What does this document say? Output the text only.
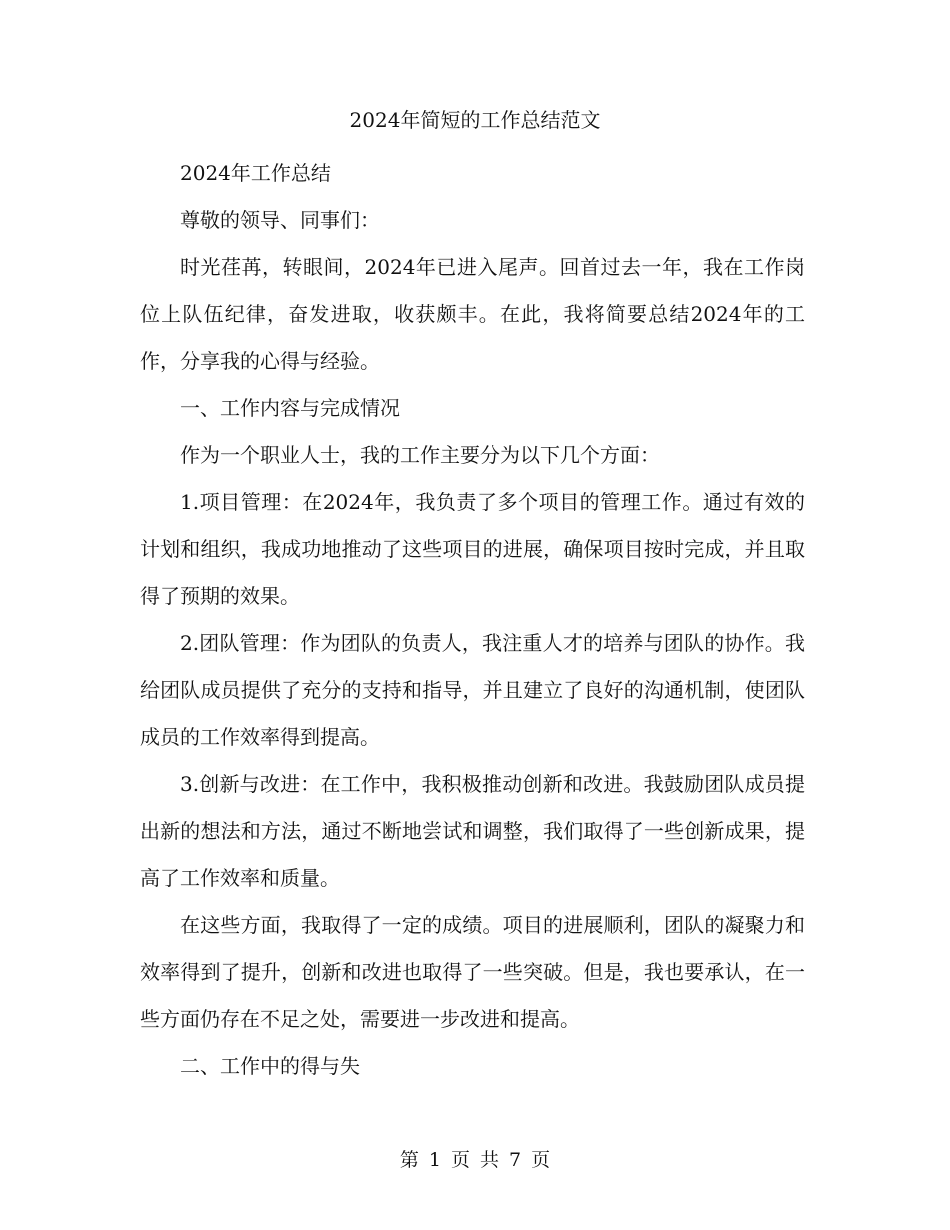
2024年简短的工作总结范文

2024年工作总结

尊敬的领导、同事们：

时光荏苒，转眼间，2024年已进入尾声。回首过去一年，我在工作岗位上队伍纪律，奋发进取，收获颇丰。在此，我将简要总结2024年的工作，分享我的心得与经验。

一、工作内容与完成情况

作为一个职业人士，我的工作主要分为以下几个方面：

1.项目管理：在2024年，我负责了多个项目的管理工作。通过有效的计划和组织，我成功地推动了这些项目的进展，确保项目按时完成，并且取得了预期的效果。

2.团队管理：作为团队的负责人，我注重人才的培养与团队的协作。我给团队成员提供了充分的支持和指导，并且建立了良好的沟通机制，使团队成员的工作效率得到提高。

3.创新与改进：在工作中，我积极推动创新和改进。我鼓励团队成员提出新的想法和方法，通过不断地尝试和调整，我们取得了一些创新成果，提高了工作效率和质量。

在这些方面，我取得了一定的成绩。项目的进展顺利，团队的凝聚力和效率得到了提升，创新和改进也取得了一些突破。但是，我也要承认，在一些方面仍存在不足之处，需要进一步改进和提高。

二、工作中的得与失

第 1 页 共 7 页
